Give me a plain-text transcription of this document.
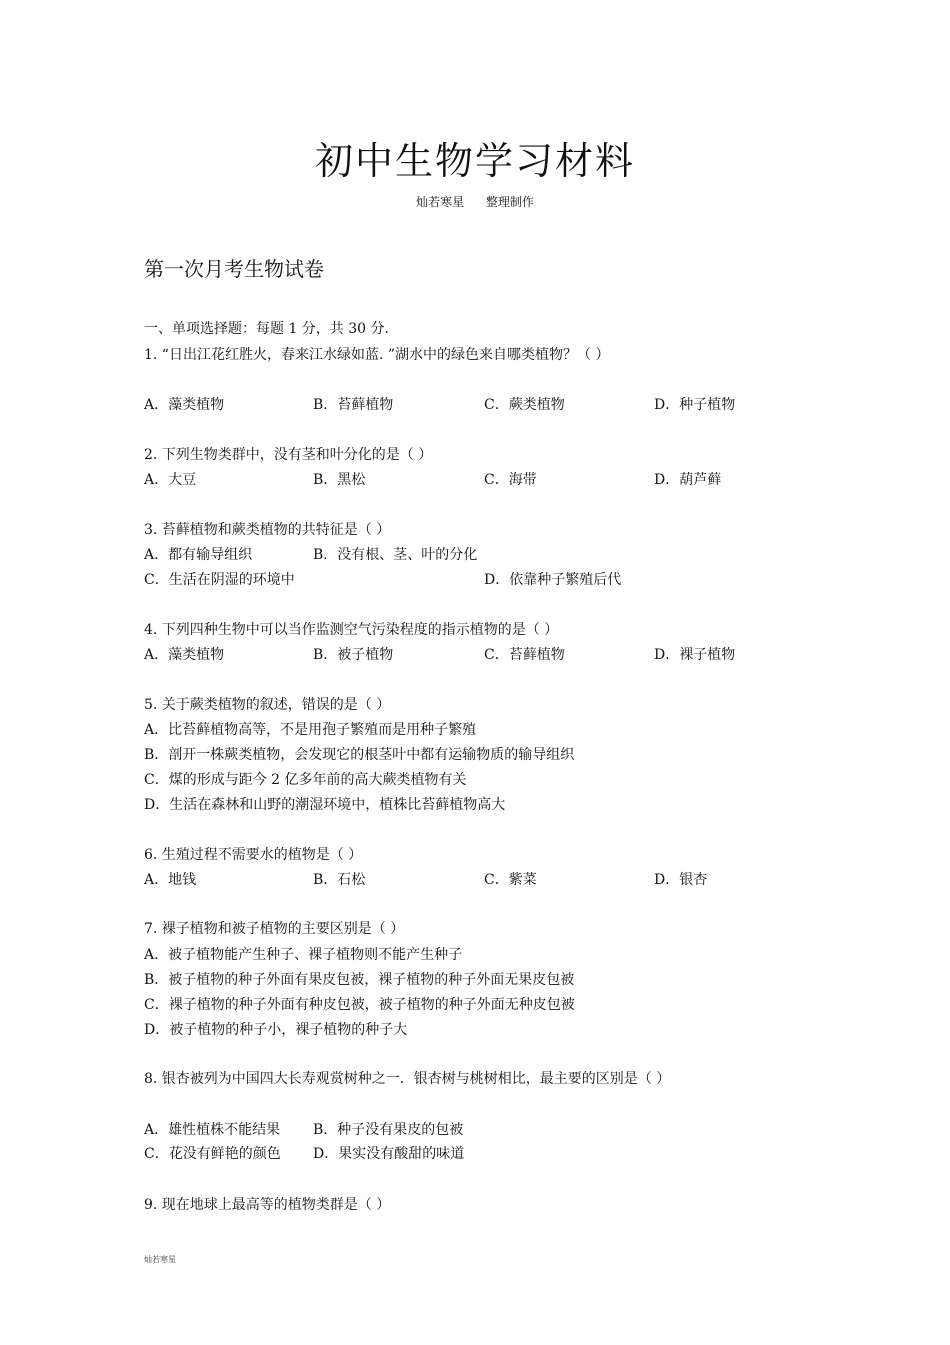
初中生物学习材料
灿若寒星 整理制作
第一次月考生物试卷
一、单项选择题：每题 1 分，共 30 分.
1. “日出江花红胜火，春来江水绿如蓝. ”湖水中的绿色来自哪类植物？（ ）
A．藻类植物	B．苔藓植物	C．蕨类植物	D．种子植物
2. 下列生物类群中，没有茎和叶分化的是（ ）
A．大豆	B．黑松	C．海带	D．葫芦藓
3. 苔藓植物和蕨类植物的共特征是（ ）
A．都有输导组织	B．没有根、茎、叶的分化
C．生活在阴湿的环境中	D．依靠种子繁殖后代
4. 下列四种生物中可以当作监测空气污染程度的指示植物的是（ ）
A．藻类植物	B．被子植物	C．苔藓植物	D．裸子植物
5. 关于蕨类植物的叙述，错误的是（ ）
A．比苔藓植物高等，不是用孢子繁殖而是用种子繁殖
B．剖开一株蕨类植物，会发现它的根茎叶中都有运输物质的输导组织
C．煤的形成与距今 2 亿多年前的高大蕨类植物有关
D．生活在森林和山野的潮湿环境中，植株比苔藓植物高大
6. 生殖过程不需要水的植物是（ ）
A．地钱	B．石松	C．紫菜	D．银杏
7. 裸子植物和被子植物的主要区别是（ ）
A．被子植物能产生种子、裸子植物则不能产生种子
B．被子植物的种子外面有果皮包被，裸子植物的种子外面无果皮包被
C．裸子植物的种子外面有种皮包被，被子植物的种子外面无种皮包被
D．被子植物的种子小，裸子植物的种子大
8. 银杏被列为中国四大长寿观赏树种之一．银杏树与桃树相比，最主要的区别是（ ）
A．雄性植株不能结果 B．种子没有果皮的包被
C．花没有鲜艳的颜色 D．果实没有酸甜的味道
9. 现在地球上最高等的植物类群是（ ）
灿若寒星
